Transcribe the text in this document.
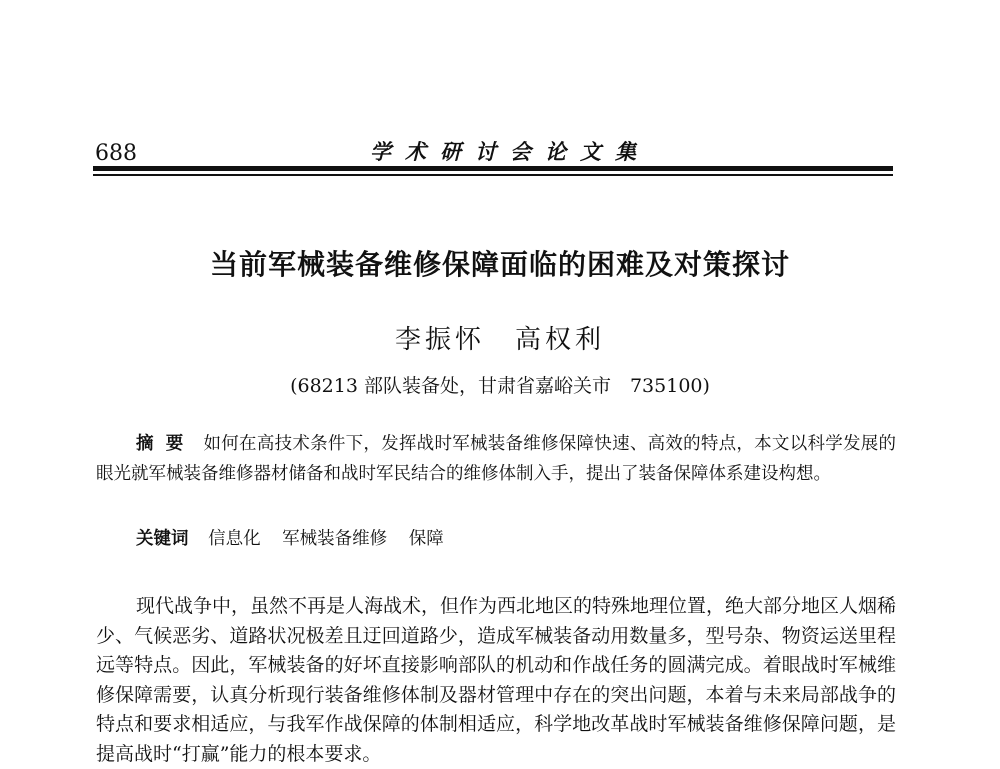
688	学术研讨会论文集
当前军械装备维修保障面临的困难及对策探讨
李振怀　高权利
(68213 部队装备处，甘肃省嘉峪关市　735100)
摘要 如何在高技术条件下，发挥战时军械装备维修保障快速、高效的特点，本文以科学发展的眼光就军械装备维修器材储备和战时军民结合的维修体制入手，提出了装备保障体系建设构想。
关键词 信息化 军械装备维修 保障
现代战争中，虽然不再是人海战术，但作为西北地区的特殊地理位置，绝大部分地区人烟稀少、气候恶劣、道路状况极差且迂回道路少，造成军械装备动用数量多，型号杂、物资运送里程远等特点。因此，军械装备的好坏直接影响部队的机动和作战任务的圆满完成。着眼战时军械维修保障需要，认真分析现行装备维修体制及器材管理中存在的突出问题，本着与未来局部战争的特点和要求相适应，与我军作战保障的体制相适应，科学地改革战时军械装备维修保障问题，是提高战时“打赢”能力的根本要求。
